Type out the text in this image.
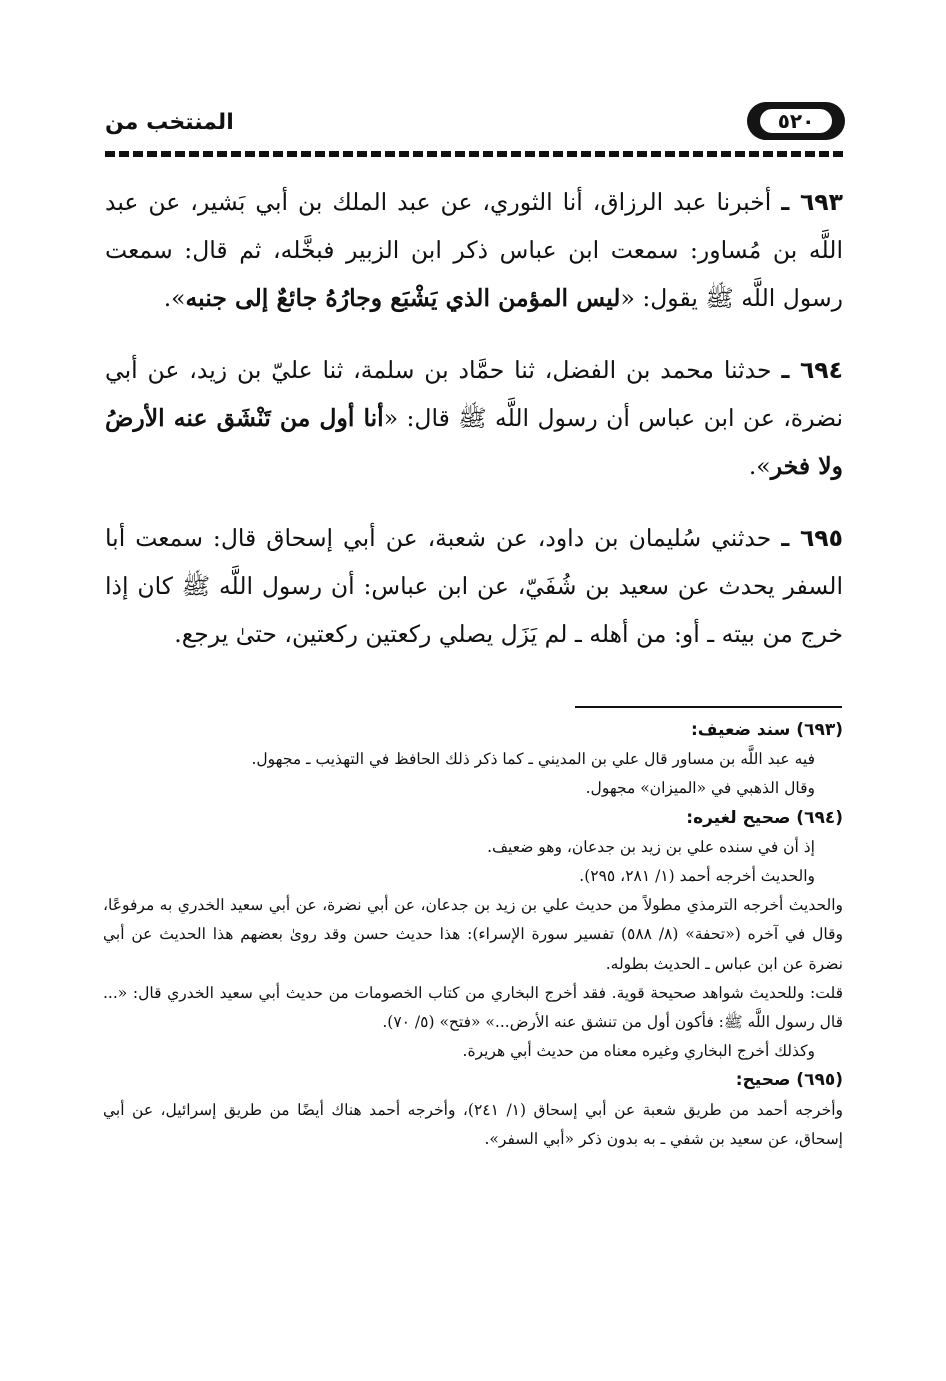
المنتخب من	٥٢٠

٦٩٣ ـ أخبرنا عبد الرزاق، أنا الثوري، عن عبد الملك بن أبي بَشير، عن عبد اللَّه بن مُساور: سمعت ابن عباس ذكر ابن الزبير فبخَّله، ثم قال: سمعت رسول اللَّه ﷺ يقول: «ليس المؤمن الذي يَشْبَع وجارُهُ جائعٌ إلى جنبه».

٦٩٤ ـ حدثنا محمد بن الفضل، ثنا حمَّاد بن سلمة، ثنا عليّ بن زيد، عن أبي نضرة، عن ابن عباس أن رسول اللَّه ﷺ قال: «أنا أول من تَنْشَق عنه الأرضُ ولا فخر».

٦٩٥ ـ حدثني سُليمان بن داود، عن شعبة، عن أبي إسحاق قال: سمعت أبا السفر يحدث عن سعيد بن شُفَيّ، عن ابن عباس: أن رسول اللَّه ﷺ كان إذا خرج من بيته ـ أو: من أهله ـ لم يَزَل يصلي ركعتين ركعتين، حتىٰ يرجع.

(٦٩٣) سند ضعيف:
فيه عبد اللَّه بن مساور قال علي بن المديني ـ كما ذكر ذلك الحافظ في التهذيب ـ مجهول.
وقال الذهبي في «الميزان» مجهول.
(٦٩٤) صحيح لغيره:
إذ أن في سنده علي بن زيد بن جدعان، وهو ضعيف.
والحديث أخرجه أحمد (١/ ٢٨١، ٢٩٥).
والحديث أخرجه الترمذي مطولاً من حديث علي بن زيد بن جدعان، عن أبي نضرة، عن أبي سعيد الخدري به مرفوعًا، وقال في آخره («تحفة» (٨/ ٥٨٨) تفسير سورة الإسراء): هذا حديث حسن وقد روىٰ بعضهم هذا الحديث عن أبي نضرة عن ابن عباس ـ الحديث بطوله.
قلت: وللحديث شواهد صحيحة قوية. فقد أخرج البخاري من كتاب الخصومات من حديث أبي سعيد الخدري قال: «... قال رسول اللَّه ﷺ: فأكون أول من تنشق عنه الأرض...» «فتح» (٥/ ٧٠).
وكذلك أخرج البخاري وغيره معناه من حديث أبي هريرة.
(٦٩٥) صحيح:
وأخرجه أحمد من طريق شعبة عن أبي إسحاق (١/ ٢٤١)، وأخرجه أحمد هناك أيضًا من طريق إسرائيل، عن أبي إسحاق، عن سعيد بن شفي ـ به بدون ذكر «أبي السفر».
